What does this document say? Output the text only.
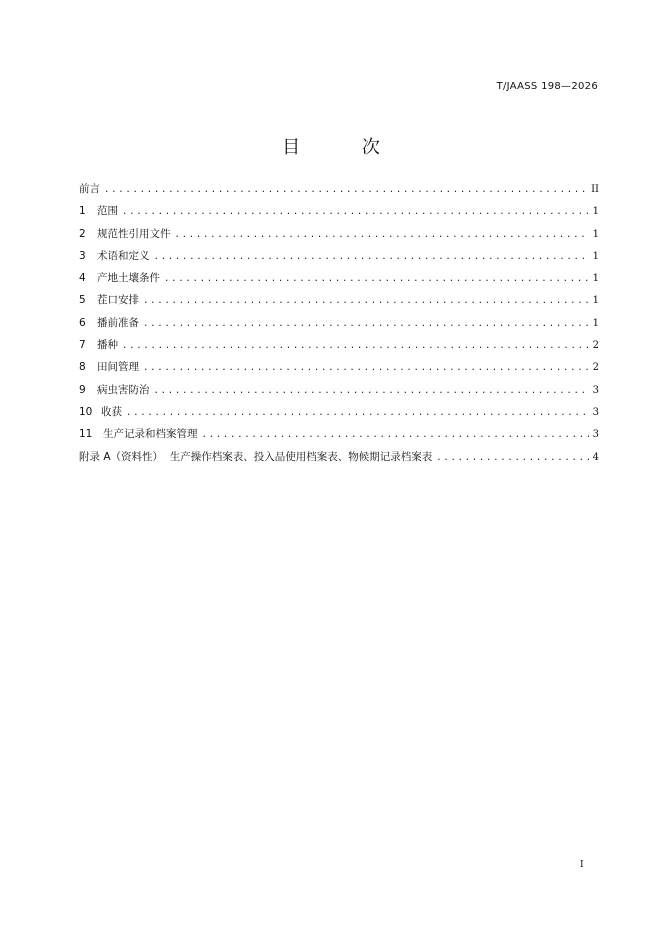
T/JAASS 198—2026
目 次
前言 .....	II
1	范围 .....	1
2	规范性引用文件 .....	1
3	术语和定义 .....	1
4	产地土壤条件 .....	1
5	茬口安排 .....	1
6	播前准备 .....	1
7	播种 .....	2
8	田间管理 .....	2
9	病虫害防治 .....	3
10 收获 .....	3
11	生产记录和档案管理 .....	3
附录 A（资料性）  生产操作档案表、投入品使用档案表、物候期记录档案表 .....	4
I
